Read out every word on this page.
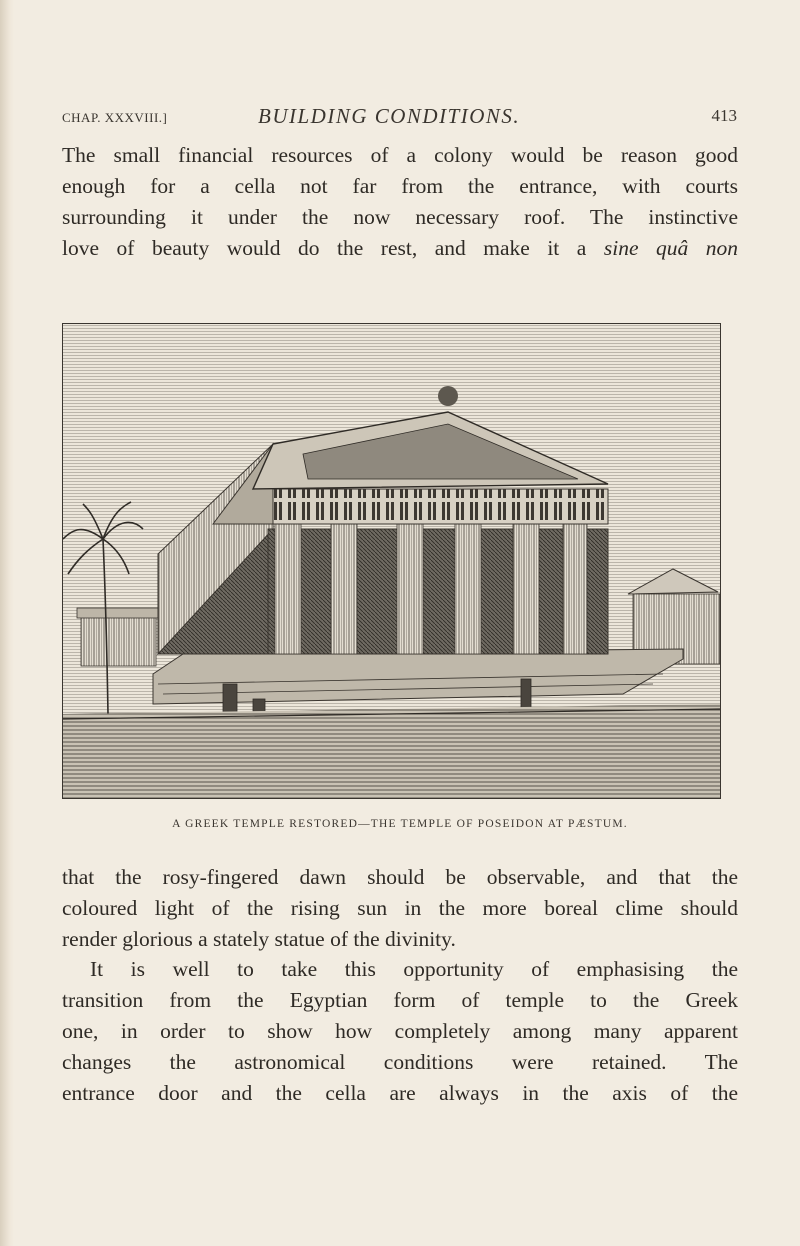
CHAP. XXXVIII.]	BUILDING CONDITIONS.	413

The small financial resources of a colony would be reason good
enough for a cella not far from the entrance, with courts
surrounding it under the now necessary roof. The instinctive
love of beauty would do the rest, and make it a sine quâ non

A GREEK TEMPLE RESTORED—THE TEMPLE OF POSEIDON AT PÆSTUM.

that the rosy-fingered dawn should be observable, and that the
coloured light of the rising sun in the more boreal clime should
render glorious a stately statue of the divinity.

It is well to take this opportunity of emphasising the
transition from the Egyptian form of temple to the Greek
one, in order to show how completely among many apparent
changes the astronomical conditions were retained. The
entrance door and the cella are always in the axis of the
